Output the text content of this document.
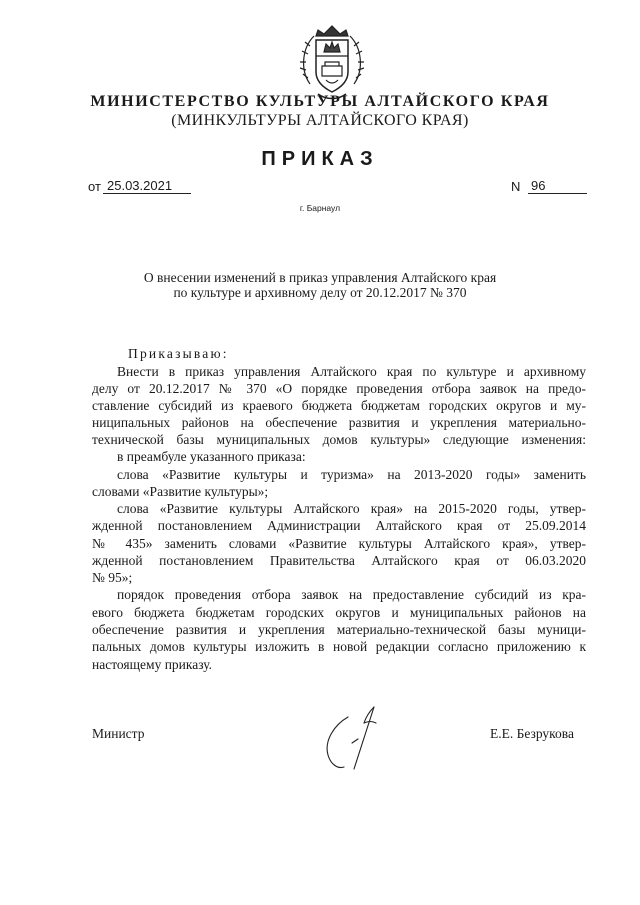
МИНИСТЕРСТВО КУЛЬТУРЫ АЛТАЙСКОГО КРАЯ
(МИНКУЛЬТУРЫ АЛТАЙСКОГО КРАЯ)
ПРИКАЗ
от 25.03.2021	N 96
г. Барнаул
О внесении изменений в приказ управления Алтайского края
по культуре и архивному делу от 20.12.2017 № 370
Приказываю:
Внести в приказ управления Алтайского края по культуре и архивному
делу от 20.12.2017 № 370 «О порядке проведения отбора заявок на предо-
ставление субсидий из краевого бюджета бюджетам городских округов и му-
ниципальных районов на обеспечение развития и укрепления материально-
технической базы муниципальных домов культуры» следующие изменения:
в преамбуле указанного приказа:
слова «Развитие культуры и туризма» на 2013-2020 годы» заменить
словами «Развитие культуры»;
слова «Развитие культуры Алтайского края» на 2015-2020 годы, утвер-
жденной постановлением Администрации Алтайского края от 25.09.2014
№ 435» заменить словами «Развитие культуры Алтайского края», утвер-
жденной постановлением Правительства Алтайского края от 06.03.2020
№ 95»;
порядок проведения отбора заявок на предоставление субсидий из кра-
евого бюджета бюджетам городских округов и муниципальных районов на
обеспечение развития и укрепления материально-технической базы муници-
пальных домов культуры изложить в новой редакции согласно приложению к
настоящему приказу.
Министр	Е.Е. Безрукова
